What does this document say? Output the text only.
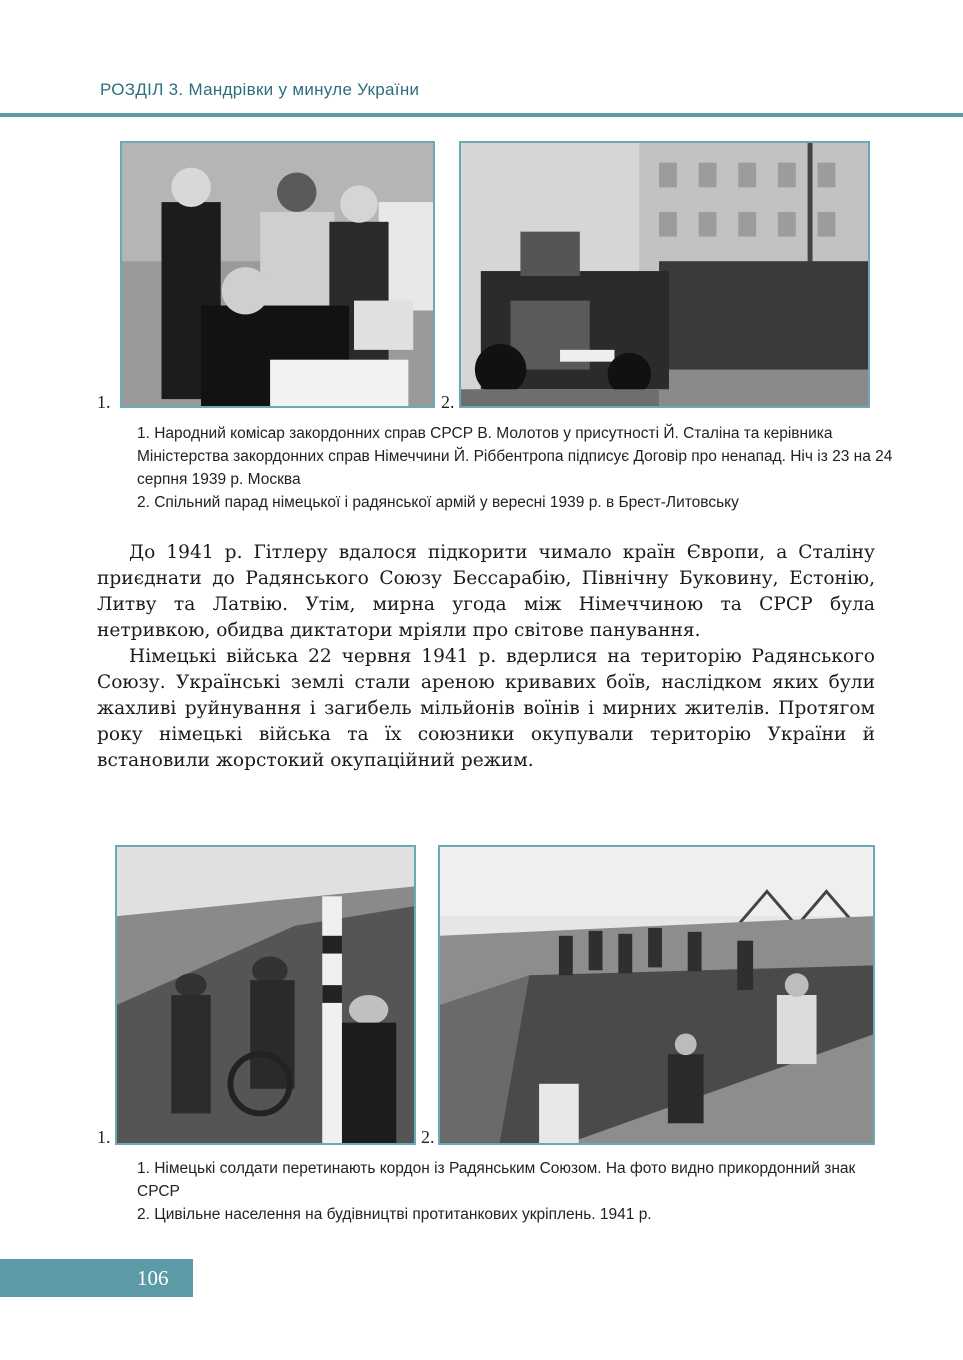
РОЗДІЛ 3. Мандрівки у минуле України
1.	2.

1. Народний комісар закордонних справ СРСР В. Молотов у присутності Й. Сталіна та керівника Міністерства закордонних справ Німеччини Й. Ріббентропа підписує Договір про ненапад. Ніч із 23 на 24 серпня 1939 р. Москва

2. Спільний парад німецької і радянської армій у вересні 1939 р. в Брест-Литовську

До 1941 р. Гітлеру вдалося підкорити чимало країн Європи, а Сталіну приєднати до Радянського Союзу Бессарабію, Північну Буковину, Естонію, Литву та Латвію. Утім, мирна угода між Німеччиною та СРСР була нетривкою, обидва диктатори мріяли про світове панування.

Німецькі війська 22 червня 1941 р. вдерлися на територію Радянського Союзу. Українські землі стали ареною кривавих боїв, наслідком яких були жахливі руйнування і загибель мільйонів воїнів і мирних жителів. Протягом року німецькі війська та їх союзники окупували територію України й встановили жорстокий окупаційний режим.

1.	2.

1. Німецькі солдати перетинають кордон із Радянським Союзом. На фото видно прикордонний знак СРСР

2. Цивільне населення на будівництві протитанкових укріплень. 1941 р.

106
